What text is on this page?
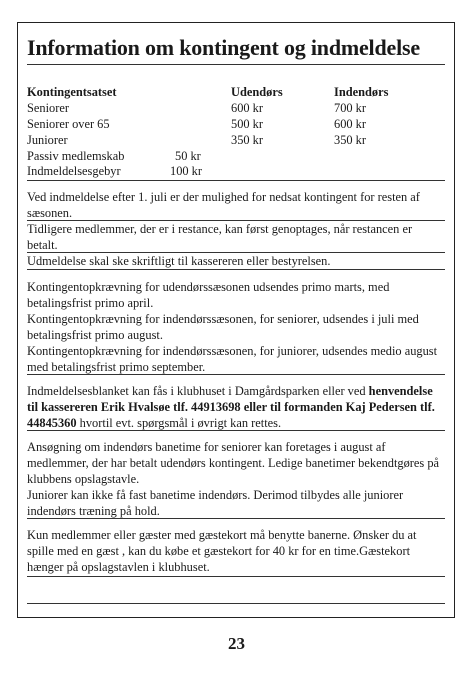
Information om kontingent og indmeldelse
Kontingentsatset	Udendørs	Indendørs
Seniorer	600 kr	700 kr
Seniorer over 65	500 kr	600 kr
Juniorer	350 kr	350 kr
Passiv medlemskab	50 kr
Indmeldelsesgebyr	100 kr
Ved indmeldelse efter 1. juli er der mulighed for nedsat kontingent for resten af
sæsonen.
Tidligere medlemmer, der er i restance, kan først genoptages, når restancen er
betalt.
Udmeldelse skal ske skriftligt til kassereren eller bestyrelsen.
Kontingentopkrævning for udendørssæsonen udsendes primo marts, med
betalingsfrist primo april.
Kontingentopkrævning for indendørssæsonen, for seniorer, udsendes i juli med
betalingsfrist primo august.
Kontingentopkrævning for indendørssæsonen, for juniorer, udsendes medio august
med betalingsfrist primo september.
Indmeldelsesblanket kan fås i klubhuset i Damgårdsparken eller ved henvendelse
til kassereren Erik Hvalsøe tlf. 44913698 eller til formanden Kaj Pedersen tlf.
44845360 hvortil evt. spørgsmål i øvrigt kan rettes.
Ansøgning om indendørs banetime for seniorer kan foretages i august af
medlemmer, der har betalt udendørs kontingent. Ledige banetimer bekendtgøres på
klubbens opslagstavle.
Juniorer kan ikke få fast banetime indendørs. Derimod tilbydes alle juniorer
indendørs træning på hold.
Kun medlemmer eller gæster med gæstekort må benytte banerne. Ønsker du at
spille med en gæst , kan du købe et gæstekort for 40 kr for en time.Gæstekort
hænger på opslagstavlen i klubhuset.
23
